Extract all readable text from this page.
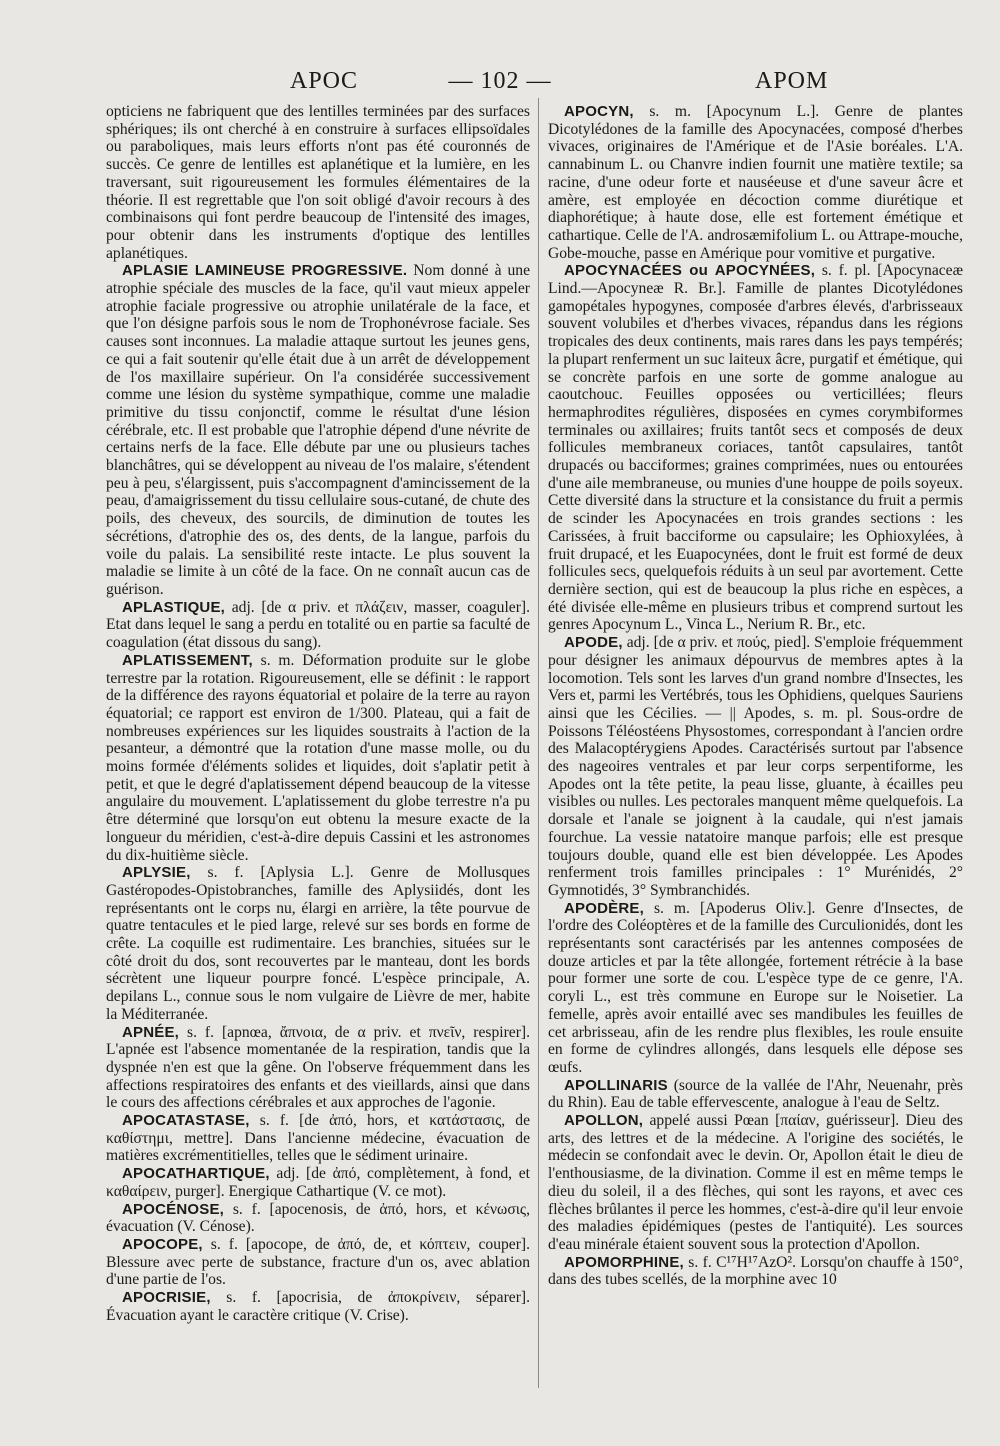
APOC	— 102 —	APOM

opticiens ne fabriquent que des lentilles terminées par des surfaces sphériques; ils ont cherché à en construire à surfaces ellipsoïdales ou paraboliques, mais leurs efforts n'ont pas été couronnés de succès. Ce genre de lentilles est aplanétique et la lumière, en les traversant, suit rigoureusement les formules élémentaires de la théorie. Il est regrettable que l'on soit obligé d'avoir recours à des combinaisons qui font perdre beaucoup de l'intensité des images, pour obtenir dans les instruments d'optique des lentilles aplanétiques.

APLASIE LAMINEUSE PROGRESSIVE. Nom donné à une atrophie spéciale des muscles de la face, qu'il vaut mieux appeler atrophie faciale progressive ou atrophie unilatérale de la face, et que l'on désigne parfois sous le nom de Trophonévrose faciale. Ses causes sont inconnues. La maladie attaque surtout les jeunes gens, ce qui a fait soutenir qu'elle était due à un arrêt de développement de l'os maxillaire supérieur. On l'a considérée successivement comme une lésion du système sympathique, comme une maladie primitive du tissu conjonctif, comme le résultat d'une lésion cérébrale, etc. Il est probable que l'atrophie dépend d'une névrite de certains nerfs de la face. Elle débute par une ou plusieurs taches blanchâtres, qui se développent au niveau de l'os malaire, s'étendent peu à peu, s'élargissent, puis s'accompagnent d'amincissement de la peau, d'amaigrissement du tissu cellulaire sous-cutané, de chute des poils, des cheveux, des sourcils, de diminution de toutes les sécrétions, d'atrophie des os, des dents, de la langue, parfois du voile du palais. La sensibilité reste intacte. Le plus souvent la maladie se limite à un côté de la face. On ne connaît aucun cas de guérison.

APLASTIQUE, adj. [de α priv. et πλάζειν, masser, coaguler]. Etat dans lequel le sang a perdu en totalité ou en partie sa faculté de coagulation (état dissous du sang).

APLATISSEMENT, s. m. Déformation produite sur le globe terrestre par la rotation. Rigoureusement, elle se définit : le rapport de la différence des rayons équatorial et polaire de la terre au rayon équatorial; ce rapport est environ de 1/300. Plateau, qui a fait de nombreuses expériences sur les liquides soustraits à l'action de la pesanteur, a démontré que la rotation d'une masse molle, ou du moins formée d'éléments solides et liquides, doit s'aplatir petit à petit, et que le degré d'aplatissement dépend beaucoup de la vitesse angulaire du mouvement. L'aplatissement du globe terrestre n'a pu être déterminé que lorsqu'on eut obtenu la mesure exacte de la longueur du méridien, c'est-à-dire depuis Cassini et les astronomes du dix-huitième siècle.

APLYSIE, s. f. [Aplysia L.]. Genre de Mollusques Gastéropodes-Opistobranches, famille des Aplysiidés, dont les représentants ont le corps nu, élargi en arrière, la tête pourvue de quatre tentacules et le pied large, relevé sur ses bords en forme de crête. La coquille est rudimentaire. Les branchies, situées sur le côté droit du dos, sont recouvertes par le manteau, dont les bords sécrètent une liqueur pourpre foncé. L'espèce principale, A. depilans L., connue sous le nom vulgaire de Lièvre de mer, habite la Méditerranée.

APNÉE, s. f. [apnœa, ἄπνοια, de α priv. et πνεῖν, respirer]. L'apnée est l'absence momentanée de la respiration, tandis que la dyspnée n'en est que la gêne. On l'observe fréquemment dans les affections respiratoires des enfants et des vieillards, ainsi que dans le cours des affections cérébrales et aux approches de l'agonie.

APOCATASTASE, s. f. [de ἀπό, hors, et κατάστασις, de καθίστημι, mettre]. Dans l'ancienne médecine, évacuation de matières excrémentitielles, telles que le sédiment urinaire.

APOCATHARTIQUE, adj. [de ἀπό, complètement, à fond, et καθαίρειν, purger]. Energique Cathartique (V. ce mot).

APOCÉNOSE, s. f. [apocenosis, de ἀπό, hors, et κένωσις, évacuation (V. Cénose).

APOCOPE, s. f. [apocope, de ἀπό, de, et κόπτειν, couper]. Blessure avec perte de substance, fracture d'un os, avec ablation d'une partie de l'os.

APOCRISIE, s. f. [apocrisia, de ἀποκρίνειν, séparer]. Évacuation ayant le caractère critique (V. Crise).

APOCYN, s. m. [Apocynum L.]. Genre de plantes Dicotylédones de la famille des Apocynacées, composé d'herbes vivaces, originaires de l'Amérique et de l'Asie boréales. L'A. cannabinum L. ou Chanvre indien fournit une matière textile; sa racine, d'une odeur forte et nauséeuse et d'une saveur âcre et amère, est employée en décoction comme diurétique et diaphorétique; à haute dose, elle est fortement émétique et cathartique. Celle de l'A. androsæmifolium L. ou Attrape-mouche, Gobe-mouche, passe en Amérique pour vomitive et purgative.

APOCYNACÉES ou APOCYNÉES, s. f. pl. [Apocynaceæ Lind.—Apocyneæ R. Br.]. Famille de plantes Dicotylédones gamopétales hypogynes, composée d'arbres élevés, d'arbrisseaux souvent volubiles et d'herbes vivaces, répandus dans les régions tropicales des deux continents, mais rares dans les pays tempérés; la plupart renferment un suc laiteux âcre, purgatif et émétique, qui se concrète parfois en une sorte de gomme analogue au caoutchouc. Feuilles opposées ou verticillées; fleurs hermaphrodites régulières, disposées en cymes corymbiformes terminales ou axillaires; fruits tantôt secs et composés de deux follicules membraneux coriaces, tantôt capsulaires, tantôt drupacés ou bacciformes; graines comprimées, nues ou entourées d'une aile membraneuse, ou munies d'une houppe de poils soyeux. Cette diversité dans la structure et la consistance du fruit a permis de scinder les Apocynacées en trois grandes sections : les Carissées, à fruit bacciforme ou capsulaire; les Ophioxylées, à fruit drupacé, et les Euapocynées, dont le fruit est formé de deux follicules secs, quelquefois réduits à un seul par avortement. Cette dernière section, qui est de beaucoup la plus riche en espèces, a été divisée elle-même en plusieurs tribus et comprend surtout les genres Apocynum L., Vinca L., Nerium R. Br., etc.

APODE, adj. [de α priv. et πούς, pied]. S'emploie fréquemment pour désigner les animaux dépourvus de membres aptes à la locomotion. Tels sont les larves d'un grand nombre d'Insectes, les Vers et, parmi les Vertébrés, tous les Ophidiens, quelques Sauriens ainsi que les Cécilies. — || Apodes, s. m. pl. Sous-ordre de Poissons Téléostéens Physostomes, correspondant à l'ancien ordre des Malacoptérygiens Apodes. Caractérisés surtout par l'absence des nageoires ventrales et par leur corps serpentiforme, les Apodes ont la tête petite, la peau lisse, gluante, à écailles peu visibles ou nulles. Les pectorales manquent même quelquefois. La dorsale et l'anale se joignent à la caudale, qui n'est jamais fourchue. La vessie natatoire manque parfois; elle est presque toujours double, quand elle est bien développée. Les Apodes renferment trois familles principales : 1° Murénidés, 2° Gymnotidés, 3° Symbranchidés.

APODÈRE, s. m. [Apoderus Oliv.]. Genre d'Insectes, de l'ordre des Coléoptères et de la famille des Curculionidés, dont les représentants sont caractérisés par les antennes composées de douze articles et par la tête allongée, fortement rétrécie à la base pour former une sorte de cou. L'espèce type de ce genre, l'A. coryli L., est très commune en Europe sur le Noisetier. La femelle, après avoir entaillé avec ses mandibules les feuilles de cet arbrisseau, afin de les rendre plus flexibles, les roule ensuite en forme de cylindres allongés, dans lesquels elle dépose ses œufs.

APOLLINARIS (source de la vallée de l'Ahr, Neuenahr, près du Rhin). Eau de table effervescente, analogue à l'eau de Seltz.

APOLLON, appelé aussi Pœan [παίαν, guérisseur]. Dieu des arts, des lettres et de la médecine. A l'origine des sociétés, le médecin se confondait avec le devin. Or, Apollon était le dieu de l'enthousiasme, de la divination. Comme il est en même temps le dieu du soleil, il a des flèches, qui sont les rayons, et avec ces flèches brûlantes il perce les hommes, c'est-à-dire qu'il leur envoie des maladies épidémiques (pestes de l'antiquité). Les sources d'eau minérale étaient souvent sous la protection d'Apollon.

APOMORPHINE, s. f. C¹⁷H¹⁷AzO². Lorsqu'on chauffe à 150°, dans des tubes scellés, de la morphine avec 10
